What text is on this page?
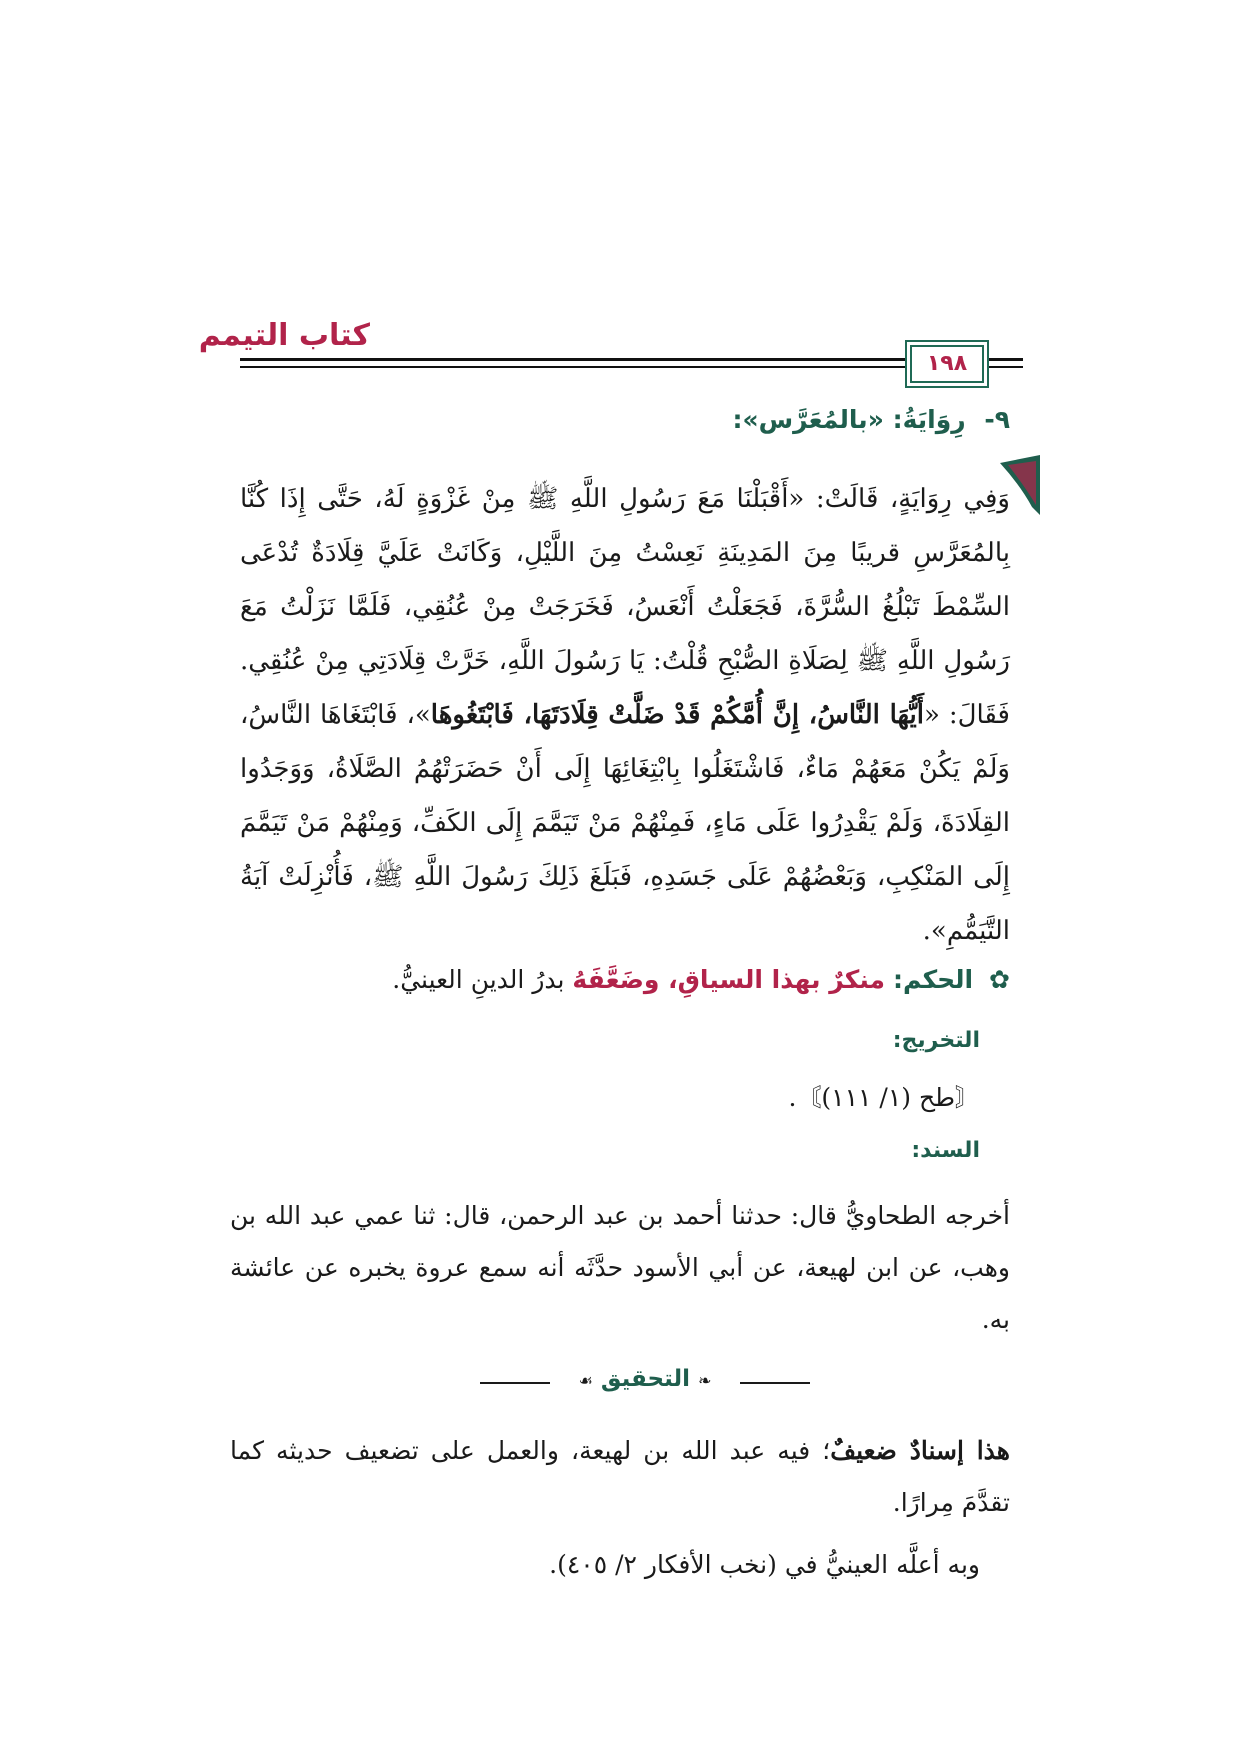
كتاب التيمم
١٩٨
٩- رِوَايَةُ: «بالمُعَرَّس»:
وَفِي رِوَايَةٍ، قَالَتْ: «أَقْبَلْنَا مَعَ رَسُولِ اللَّهِ ﷺ مِنْ غَزْوَةٍ لَهُ، حَتَّى إِذَا كُنَّا بِالمُعَرَّسِ قريبًا مِنَ المَدِينَةِ نَعِسْتُ مِنَ اللَّيْلِ، وَكَانَتْ عَلَيَّ قِلَادَةٌ تُدْعَى السِّمْطَ تَبْلُغُ السُّرَّةَ، فَجَعَلْتُ أَنْعَسُ، فَخَرَجَتْ مِنْ عُنُقِي، فَلَمَّا نَزَلْتُ مَعَ رَسُولِ اللَّهِ ﷺ لِصَلَاةِ الصُّبْحِ قُلْتُ: يَا رَسُولَ اللَّهِ، خَرَّتْ قِلَادَتِي مِنْ عُنُقِي. فَقَالَ: «أَيُّهَا النَّاسُ، إِنَّ أُمَّكُمْ قَدْ ضَلَّتْ قِلَادَتَهَا، فَابْتَغُوهَا»، فَابْتَغَاهَا النَّاسُ، وَلَمْ يَكُنْ مَعَهُمْ مَاءٌ، فَاشْتَغَلُوا بِابْتِغَائِهَا إِلَى أَنْ حَضَرَتْهُمُ الصَّلَاةُ، وَوَجَدُوا القِلَادَةَ، وَلَمْ يَقْدِرُوا عَلَى مَاءٍ، فَمِنْهُمْ مَنْ تَيَمَّمَ إِلَى الكَفِّ، وَمِنْهُمْ مَنْ تَيَمَّمَ إِلَى المَنْكِبِ، وَبَعْضُهُمْ عَلَى جَسَدِهِ، فَبَلَغَ ذَلِكَ رَسُولَ اللَّهِ ﷺ، فَأُنْزِلَتْ آيَةُ التَّيَمُّمِ».
✿ الحكم: منكرٌ بهذا السياقِ، وضَعَّفَهُ بدرُ الدينِ العينيُّ.
التخريج:
〘طح (١/ ١١١)〙.
السند:
أخرجه الطحاويُّ قال: حدثنا أحمد بن عبد الرحمن، قال: ثنا عمي عبد الله بن وهب، عن ابن لهيعة، عن أبي الأسود حدَّثَه أنه سمع عروة يخبره عن عائشة به.
❧ التحقيق ☙
هذا إسنادٌ ضعيفٌ؛ فيه عبد الله بن لهيعة، والعمل على تضعيف حديثه كما تقدَّمَ مِرارًا.
وبه أعلَّه العينيُّ في (نخب الأفكار ٢/ ٤٠٥).
